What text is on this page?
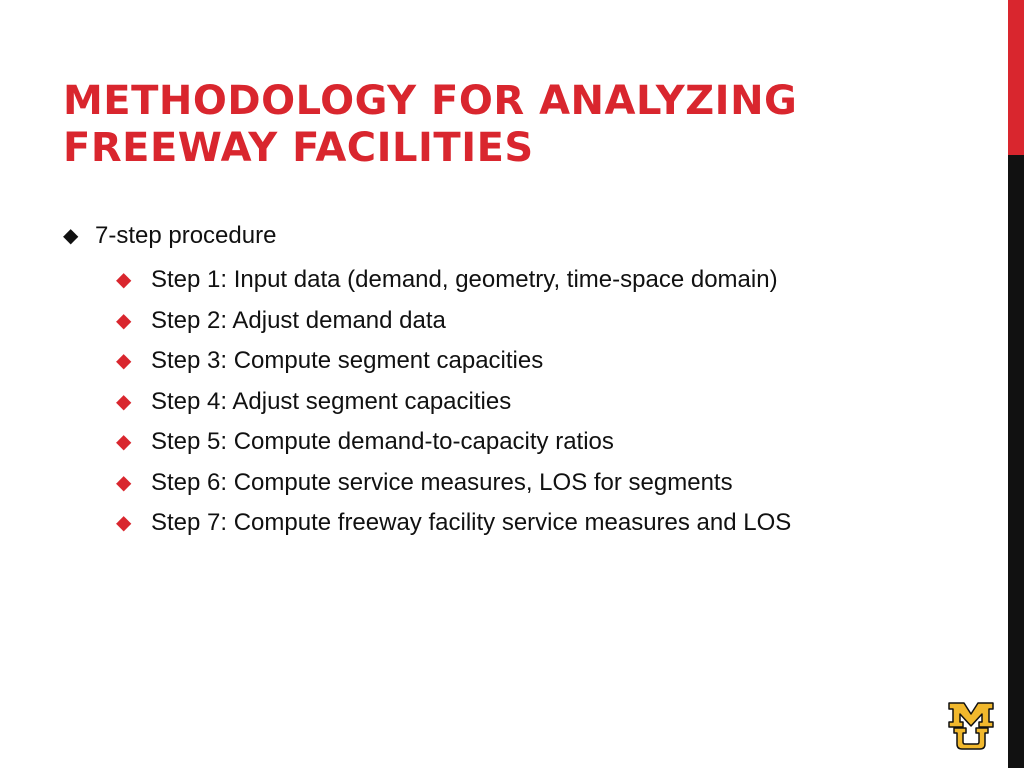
METHODOLOGY FOR ANALYZING
FREEWAY FACILITIES
◆ 7-step procedure
◆ Step 1: Input data (demand, geometry, time-space domain)
◆ Step 2: Adjust demand data
◆ Step 3: Compute segment capacities
◆ Step 4: Adjust segment capacities
◆ Step 5: Compute demand-to-capacity ratios
◆ Step 6: Compute service measures, LOS for segments
◆ Step 7: Compute freeway facility service measures and LOS
